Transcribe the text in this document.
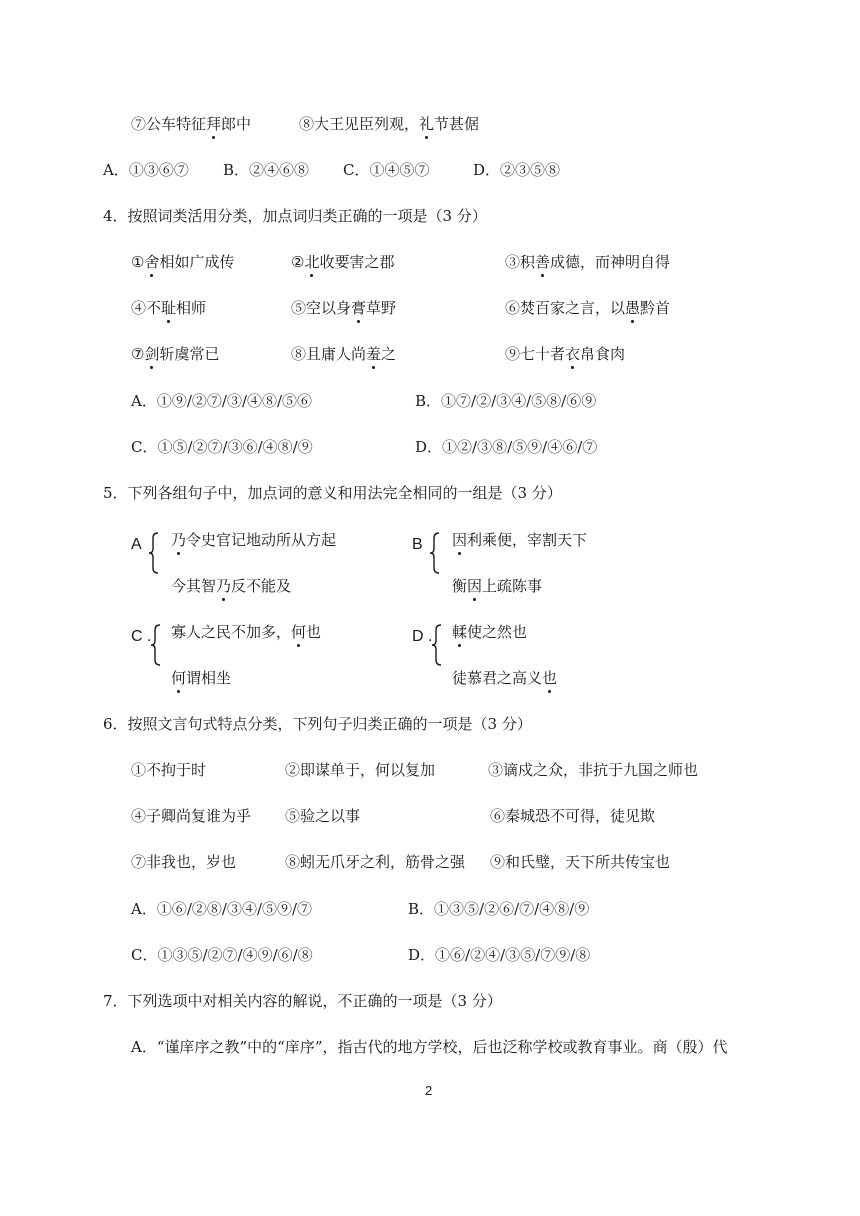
⑦公车特征拜郎中	⑧大王见臣列观，礼节甚倨
A．①③⑥⑦ B．②④⑥⑧ C．①④⑤⑦	D．②③⑤⑧
4．按照词类活用分类，加点词归类正确的一项是（3 分）
①舍相如广成传	②北收要害之郡	③积善成德，而神明自得
④不耻相师	⑤空以身膏草野	⑥焚百家之言，以愚黔首
⑦剑斩虞常已	⑧且庸人尚羞之	⑨七十者衣帛食肉
A．①⑨/②⑦/③/④⑧/⑤⑥	B．①⑦/②/③④/⑤⑧/⑥⑨
C．①⑤/②⑦/③⑥/④⑧/⑨	D．①②/③⑧/⑤⑨/④⑥/⑦
5．下列各组句子中，加点词的意义和用法完全相同的一组是（3 分）
A 乃令史官记地动所从方起
今其智乃反不能及
B 因利乘便，宰割天下
衡因上疏陈事
C . 寡人之民不加多，何也
何谓相坐
D . 輮使之然也
徒慕君之高义也
6．按照文言句式特点分类，下列句子归类正确的一项是（3 分）
①不拘于时	②即谋单于，何以复加	③谪戍之众，非抗于九国之师也
④子卿尚复谁为乎 ⑤验之以事	⑥秦城恐不可得，徒见欺
⑦非我也，岁也	⑧蚓无爪牙之利，筋骨之强 ⑨和氏璧，天下所共传宝也
A．①⑥/②⑧/③④/⑤⑨/⑦	B．①③⑤/②⑥/⑦/④⑧/⑨
C．①③⑤/②⑦/④⑨/⑥/⑧	D．①⑥/②④/③⑤/⑦⑨/⑧
7．下列选项中对相关内容的解说，不正确的一项是（3 分）
A．“谨庠序之教”中的“庠序”，指古代的地方学校，后也泛称学校或教育事业。商（殷）代
2
